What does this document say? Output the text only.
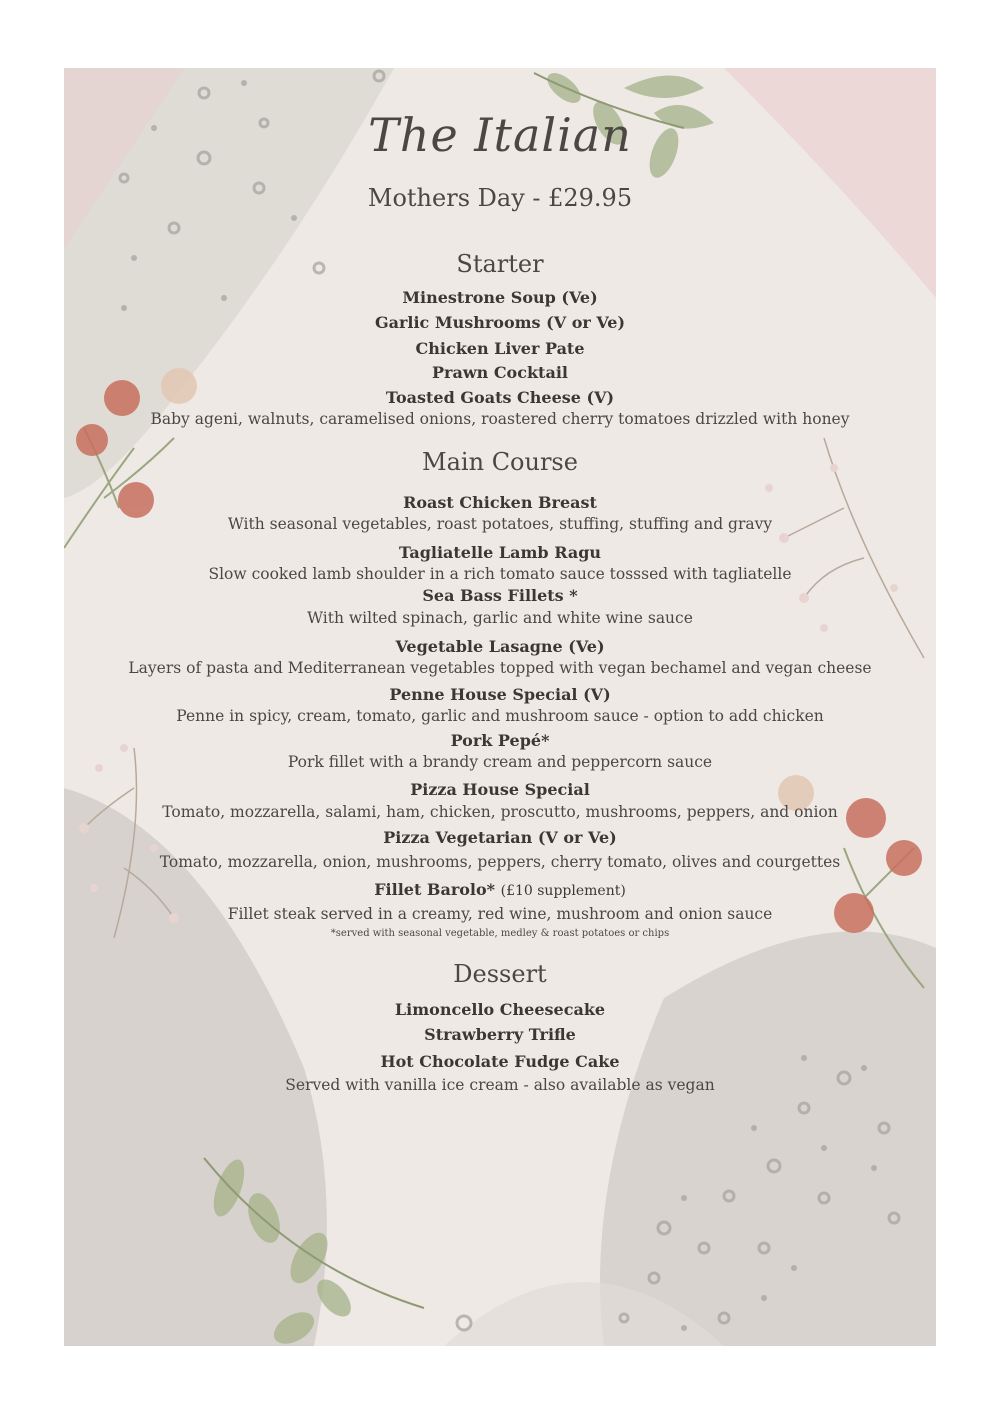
The Italian
Mothers Day - £29.95
Starter
Minestrone Soup (Ve)
Garlic Mushrooms (V or Ve)
Chicken Liver Pate
Prawn Cocktail
Toasted Goats Cheese (V)
Baby ageni, walnuts, caramelised onions, roastered cherry tomatoes drizzled with honey
Main Course
Roast Chicken Breast
With seasonal vegetables, roast potatoes, stuffing, stuffing and gravy
Tagliatelle Lamb Ragu
Slow cooked lamb shoulder in a rich tomato sauce tosssed with tagliatelle
Sea Bass Fillets *
With wilted spinach, garlic and white wine sauce
Vegetable Lasagne (Ve)
Layers of pasta and Mediterranean vegetables topped with vegan bechamel and vegan cheese
Penne House Special (V)
Penne in spicy, cream, tomato, garlic and mushroom sauce - option to add chicken
Pork Pepé*
Pork fillet with a brandy cream and peppercorn sauce
Pizza House Special
Tomato, mozzarella, salami, ham, chicken, proscutto, mushrooms, peppers, and onion
Pizza Vegetarian (V or Ve)
Tomato, mozzarella, onion, mushrooms, peppers, cherry tomato, olives and courgettes
Fillet Barolo* (£10 supplement)
Fillet steak served in a creamy, red wine, mushroom and onion sauce
*served with seasonal vegetable, medley & roast potatoes or chips
Dessert
Limoncello Cheesecake
Strawberry Trifle
Hot Chocolate Fudge Cake
Served with vanilla ice cream - also available as vegan
